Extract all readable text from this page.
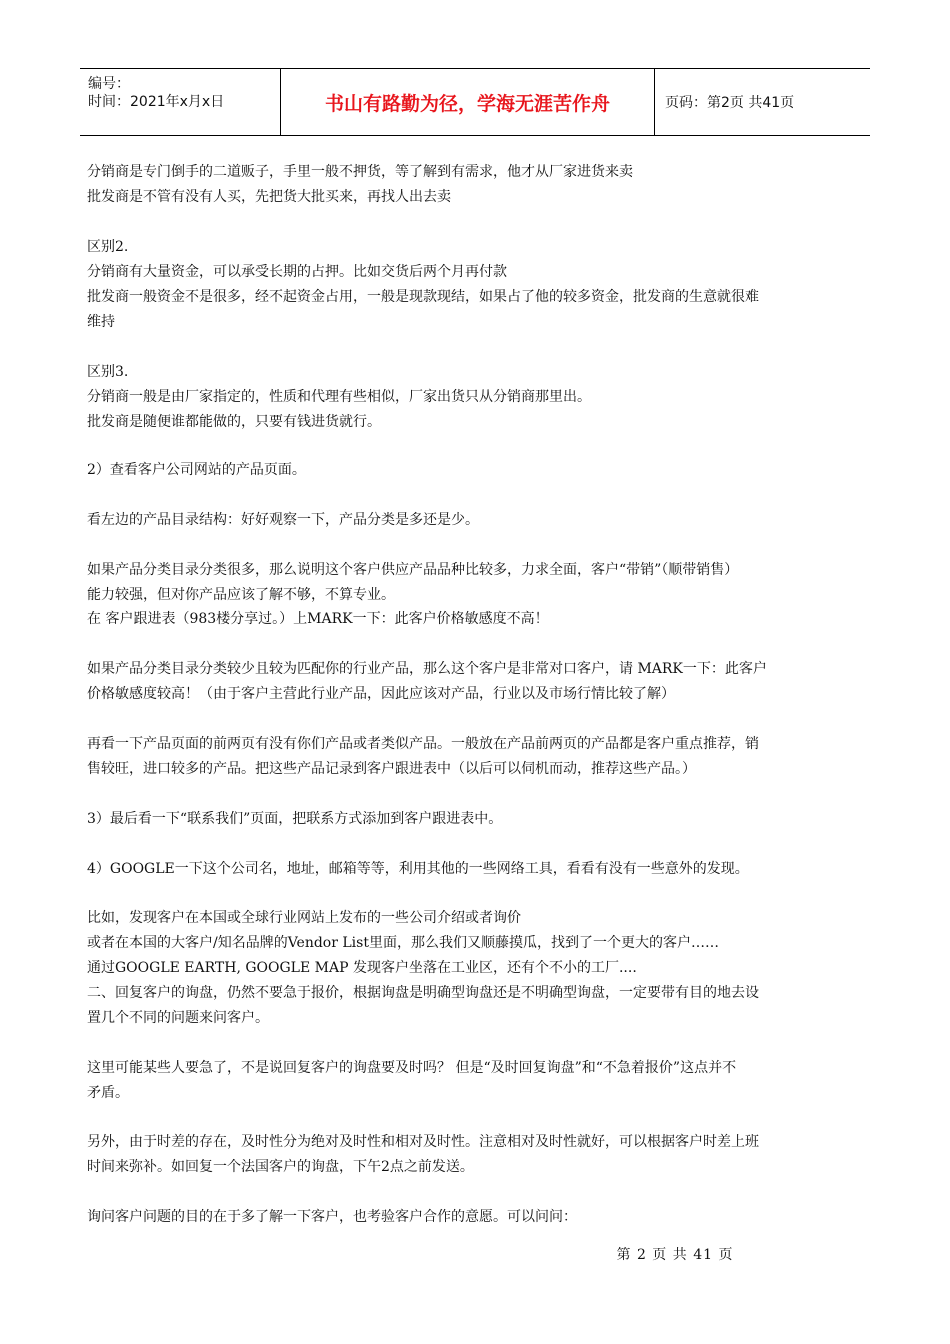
编号：
时间：2021年x月x日	书山有路勤为径，学海无涯苦作舟	页码：第2页 共41页
分销商是专门倒手的二道贩子，手里一般不押货，等了解到有需求，他才从厂家进货来卖
批发商是不管有没有人买，先把货大批买来，再找人出去卖
区别2.
分销商有大量资金，可以承受长期的占押。比如交货后两个月再付款
批发商一般资金不是很多，经不起资金占用，一般是现款现结，如果占了他的较多资金，批发商的生意就很难
维持
区别3.
分销商一般是由厂家指定的，性质和代理有些相似，厂家出货只从分销商那里出。
批发商是随便谁都能做的，只要有钱进货就行。
2）查看客户公司网站的产品页面。
看左边的产品目录结构：好好观察一下，产品分类是多还是少。
如果产品分类目录分类很多，那么说明这个客户供应产品品种比较多，力求全面，客户“带销”（顺带销售）
能力较强，但对你产品应该了解不够，不算专业。
在 客户跟进表（983楼分享过。）上MARK一下：此客户价格敏感度不高！
如果产品分类目录分类较少且较为匹配你的行业产品，那么这个客户是非常对口客户，请 MARK一下：此客户
价格敏感度较高！（由于客户主营此行业产品，因此应该对产品，行业以及市场行情比较了解）
再看一下产品页面的前两页有没有你们产品或者类似产品。一般放在产品前两页的产品都是客户重点推荐，销
售较旺，进口较多的产品。把这些产品记录到客户跟进表中（以后可以伺机而动，推荐这些产品。）
3）最后看一下“联系我们”页面，把联系方式添加到客户跟进表中。
4）GOOGLE一下这个公司名，地址，邮箱等等，利用其他的一些网络工具，看看有没有一些意外的发现。
比如，发现客户在本国或全球行业网站上发布的一些公司介绍或者询价
或者在本国的大客户/知名品牌的Vendor List里面，那么我们又顺藤摸瓜，找到了一个更大的客户……
通过GOOGLE EARTH, GOOGLE MAP 发现客户坐落在工业区，还有个不小的工厂....
二、回复客户的询盘，仍然不要急于报价，根据询盘是明确型询盘还是不明确型询盘，一定要带有目的地去设
置几个不同的问题来问客户。
这里可能某些人要急了，不是说回复客户的询盘要及时吗？ 但是“及时回复询盘”和“不急着报价”这点并不
矛盾。
另外，由于时差的存在，及时性分为绝对及时性和相对及时性。注意相对及时性就好，可以根据客户时差上班
时间来弥补。如回复一个法国客户的询盘，下午2点之前发送。
询问客户问题的目的在于多了解一下客户，也考验客户合作的意愿。可以问问：
第 2 页 共 41 页
